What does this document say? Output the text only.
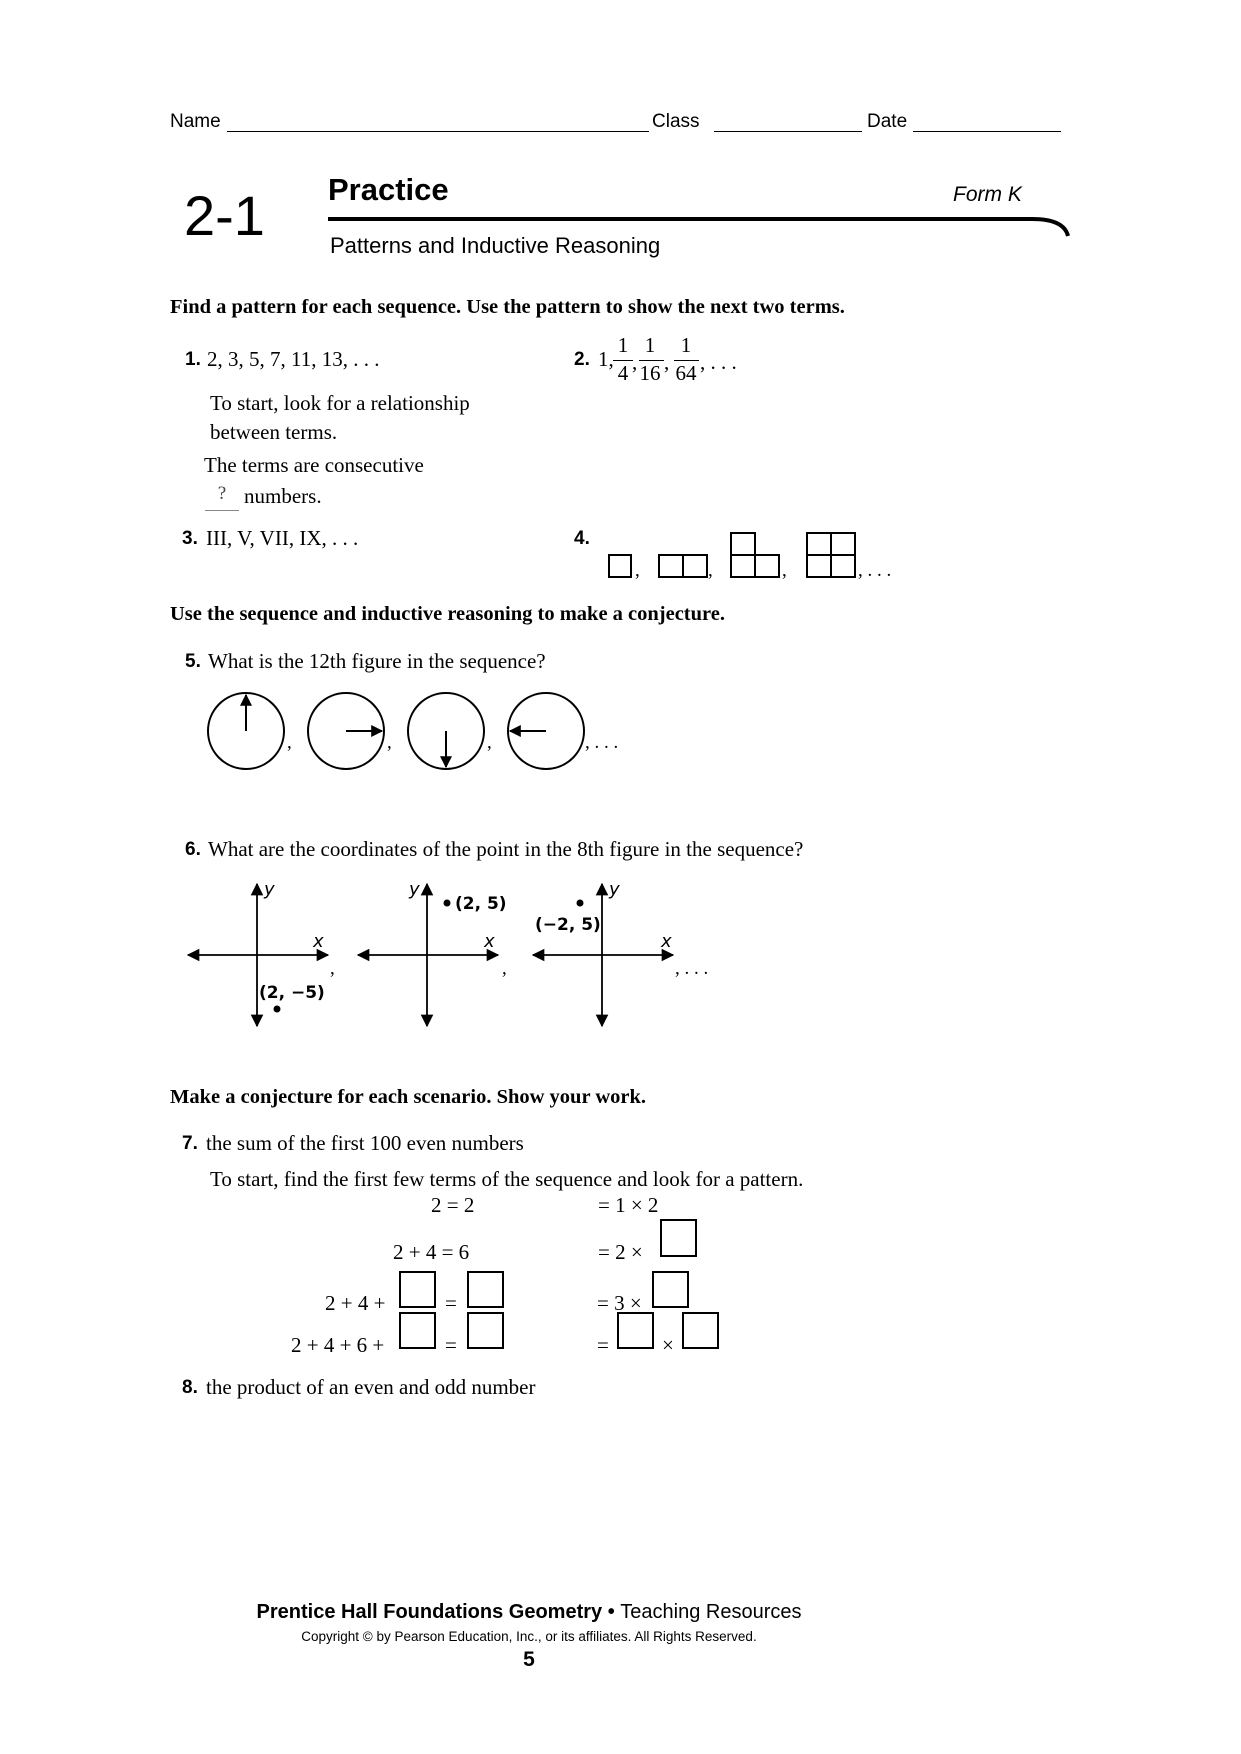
Name	Class	Date
2-1 Practice	Form K
Patterns and Inductive Reasoning
Find a pattern for each sequence. Use the pattern to show the next two terms.
1. 2, 3, 5, 7, 11, 13, . . .
To start, look for a relationship
between terms.
The terms are consecutive
? numbers.
2. 1,
1
4 ,
1
16 ,
1
64 , . . .
3. III, V, VII, IX, . . .	4.
,	,	,	, . . .
Use the sequence and inductive reasoning to make a conjecture.
5. What is the 12th figure in the sequence?
,	,	,	, . . .
6. What are the coordinates of the point in the 8th figure in the sequence?
y
x
y
x
y
x
(2, −5)
(2, 5)
(−2, 5)
,	,	, . . .
Make a conjecture for each scenario. Show your work.
7. the sum of the first 100 even numbers
To start, find the first few terms of the sequence and look for a pattern.
2 = 2	= 1 × 2
2 + 4 = 6	= 2 ×
2 + 4 +	=	= 3 ×
2 + 4 + 6 +	=	=	×
8. the product of an even and odd number
Prentice Hall Foundations Geometry • Teaching Resources
Copyright © by Pearson Education, Inc., or its affiliates. All Rights Reserved.
5
